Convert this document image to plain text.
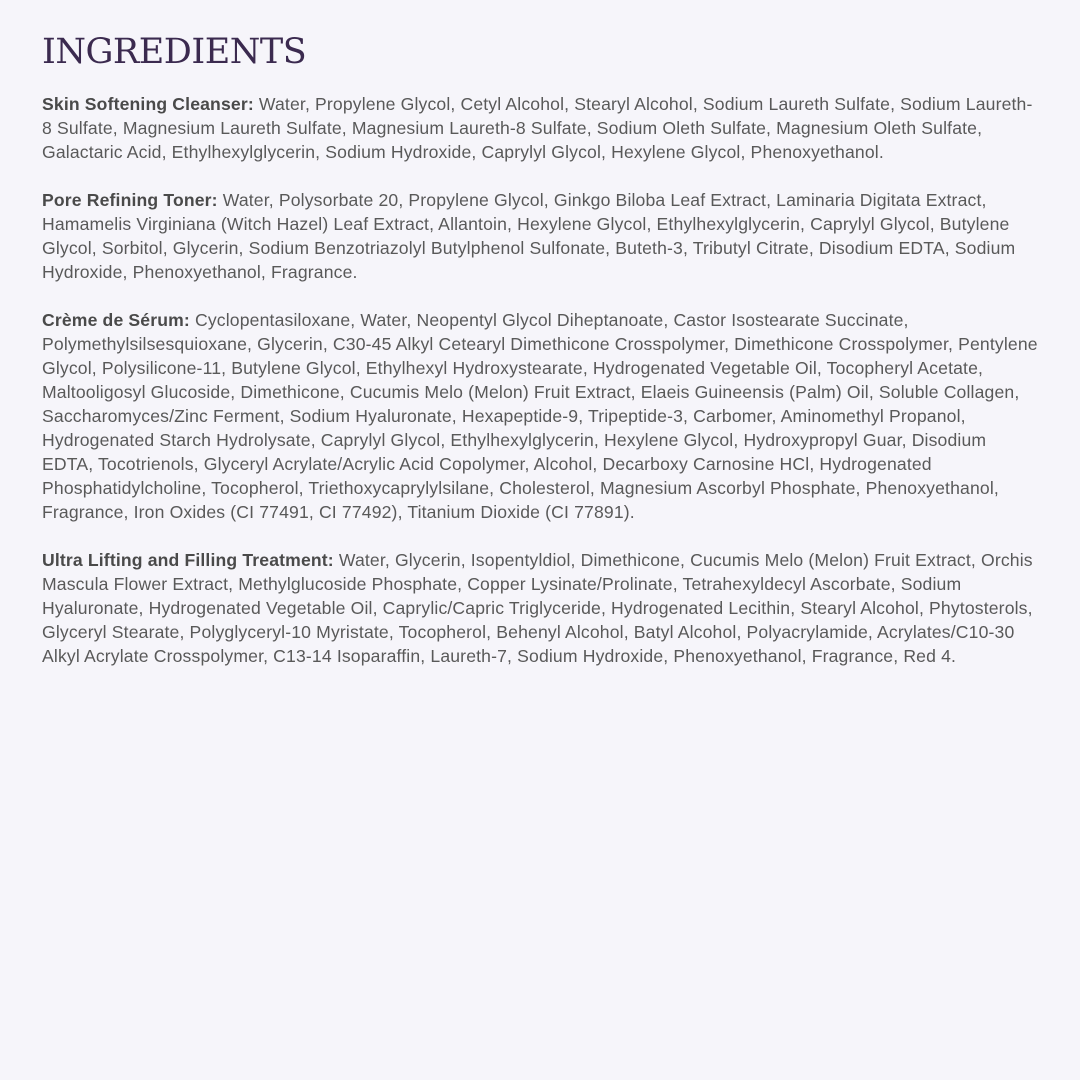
INGREDIENTS

Skin Softening Cleanser: Water, Propylene Glycol, Cetyl Alcohol, Stearyl Alcohol, Sodium Laureth Sulfate, Sodium Laureth-8 Sulfate, Magnesium Laureth Sulfate, Magnesium Laureth-8 Sulfate, Sodium Oleth Sulfate, Magnesium Oleth Sulfate, Galactaric Acid, Ethylhexylglycerin, Sodium Hydroxide, Caprylyl Glycol, Hexylene Glycol, Phenoxyethanol.

Pore Refining Toner: Water, Polysorbate 20, Propylene Glycol, Ginkgo Biloba Leaf Extract, Laminaria Digitata Extract, Hamamelis Virginiana (Witch Hazel) Leaf Extract, Allantoin, Hexylene Glycol, Ethylhexylglycerin, Caprylyl Glycol, Butylene Glycol, Sorbitol, Glycerin, Sodium Benzotriazolyl Butylphenol Sulfonate, Buteth-3, Tributyl Citrate, Disodium EDTA, Sodium Hydroxide, Phenoxyethanol, Fragrance.

Crème de Sérum: Cyclopentasiloxane, Water, Neopentyl Glycol Diheptanoate, Castor Isostearate Succinate, Polymethylsilsesquioxane, Glycerin, C30-45 Alkyl Cetearyl Dimethicone Crosspolymer, Dimethicone Crosspolymer, Pentylene Glycol, Polysilicone-11, Butylene Glycol, Ethylhexyl Hydroxystearate, Hydrogenated Vegetable Oil, Tocopheryl Acetate, Maltooligosyl Glucoside, Dimethicone, Cucumis Melo (Melon) Fruit Extract, Elaeis Guineensis (Palm) Oil, Soluble Collagen, Saccharomyces/Zinc Ferment, Sodium Hyaluronate, Hexapeptide-9, Tripeptide-3, Carbomer, Aminomethyl Propanol, Hydrogenated Starch Hydrolysate, Caprylyl Glycol, Ethylhexylglycerin, Hexylene Glycol, Hydroxypropyl Guar, Disodium EDTA, Tocotrienols, Glyceryl Acrylate/Acrylic Acid Copolymer, Alcohol, Decarboxy Carnosine HCl, Hydrogenated Phosphatidylcholine, Tocopherol, Triethoxycaprylylsilane, Cholesterol, Magnesium Ascorbyl Phosphate, Phenoxyethanol, Fragrance, Iron Oxides (CI 77491, CI 77492), Titanium Dioxide (CI 77891).

Ultra Lifting and Filling Treatment: Water, Glycerin, Isopentyldiol, Dimethicone, Cucumis Melo (Melon) Fruit Extract, Orchis Mascula Flower Extract, Methylglucoside Phosphate, Copper Lysinate/Prolinate, Tetrahexyldecyl Ascorbate, Sodium Hyaluronate, Hydrogenated Vegetable Oil, Caprylic/Capric Triglyceride, Hydrogenated Lecithin, Stearyl Alcohol, Phytosterols, Glyceryl Stearate, Polyglyceryl-10 Myristate, Tocopherol, Behenyl Alcohol, Batyl Alcohol, Polyacrylamide, Acrylates/C10-30 Alkyl Acrylate Crosspolymer, C13-14 Isoparaffin, Laureth-7, Sodium Hydroxide, Phenoxyethanol, Fragrance, Red 4.
